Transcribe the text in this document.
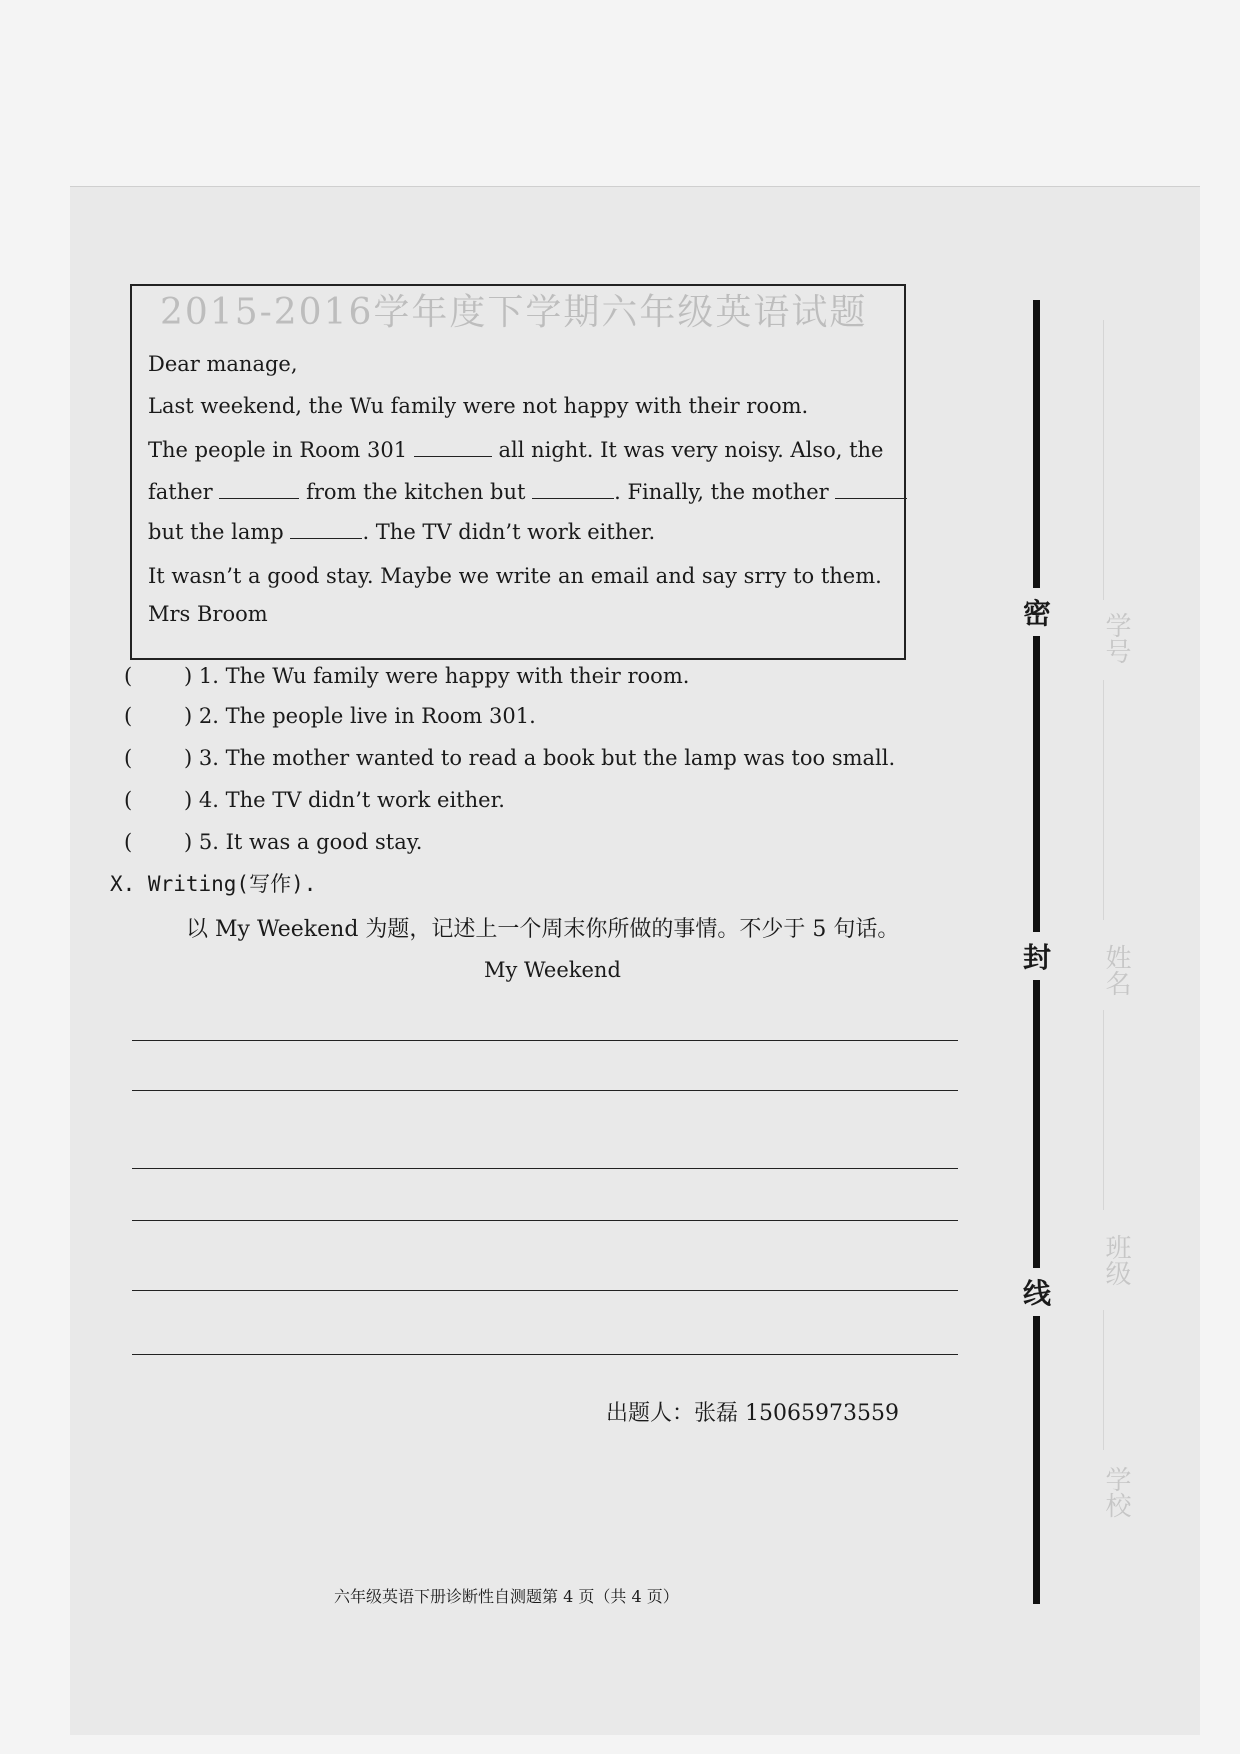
2015-2016学年度下学期六年级英语试题
Dear manage,
Last weekend, the Wu family were not happy with their room.
The people in Room 301	all night. It was very noisy. Also, the
father	from the kitchen but	. Finally, the mother
but the lamp	. The TV didn’t work either.
It wasn’t a good stay. Maybe we write an email and say srry to them.
Mrs Broom
( ) 1. The Wu family were happy with their room.
( ) 2. The people live in Room 301.
( ) 3. The mother wanted to read a book but the lamp was too small.
( ) 4. The TV didn’t work either.
( ) 5. It was a good stay.
X. Writing(写作).
以 My Weekend 为题，记述上一个周末你所做的事情。不少于 5 句话。
My Weekend
出题人：张磊 15065973559
六年级英语下册诊断性自测题第 4 页（共 4 页）
密
封
线
学号
姓名
班级
学校
